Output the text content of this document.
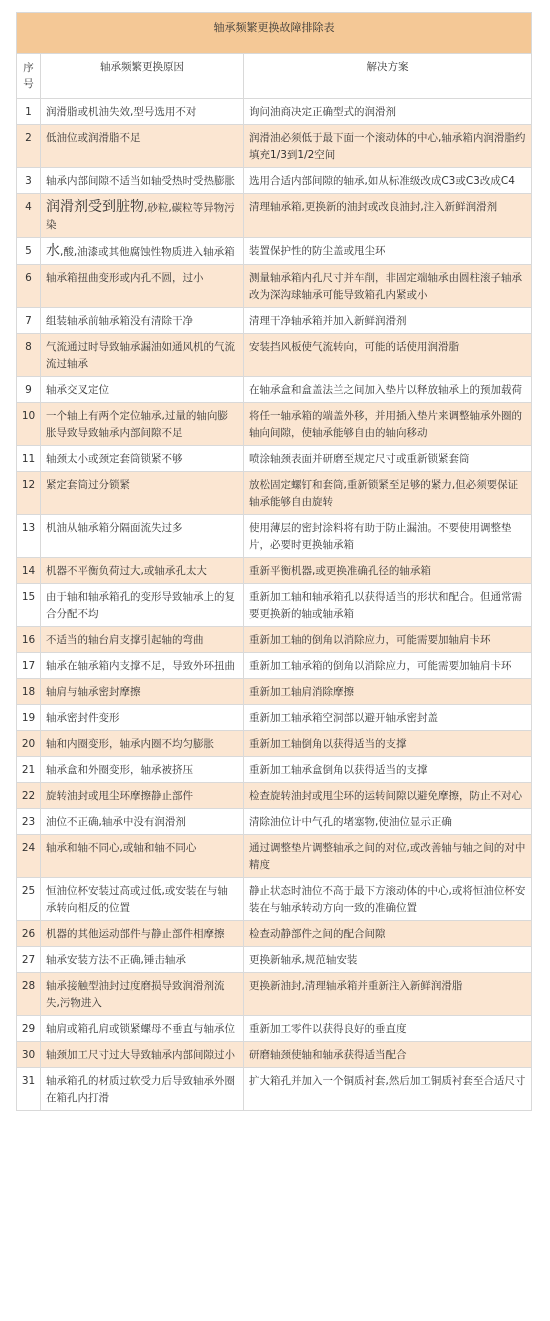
轴承频繁更换故障排除表		
序号	轴承频繁更换原因	解决方案
1	润滑脂或机油失效,型号选用不对	询问油商决定正确型式的润滑剂
2	低油位或润滑脂不足	润滑油必须低于最下面一个滚动体的中心,轴承箱内润滑脂约填充1/3到1/2空间
3	轴承内部间隙不适当如轴受热时受热膨胀	选用合适内部间隙的轴承,如从标准级改成C3或C3改成C4
4	润滑剂受到脏物,砂粒,碳粒等异物污染	清理轴承箱,更换新的油封或改良油封,注入新鲜润滑剂
5	水,酸,油漆或其他腐蚀性物质进入轴承箱	装置保护性的防尘盖或甩尘环
6	轴承箱扭曲变形或内孔不圆，过小	测量轴承箱内孔尺寸并车削，非固定端轴承由圆柱滚子轴承改为深沟球轴承可能导致箱孔内紧或小
7	组装轴承前轴承箱没有清除干净	清理干净轴承箱并加入新鲜润滑剂
8	气流通过时导致轴承漏油如通风机的气流流过轴承	安装挡风板使气流转向，可能的话使用润滑脂
9	轴承交叉定位	在轴承盒和盒盖法兰之间加入垫片以释放轴承上的预加载荷
10	一个轴上有两个定位轴承,过量的轴向膨胀导致导致轴承内部间隙不足	将任一轴承箱的端盖外移，并用插入垫片来调整轴承外圈的轴向间隙，使轴承能够自由的轴向移动
11	轴颈太小或颈定套筒锁紧不够	喷涂轴颈表面并研磨至规定尺寸或重新锁紧套筒
12	紧定套筒过分锁紧	放松固定螺钉和套筒,重新锁紧至足够的紧力,但必须要保证轴承能够自由旋转
13	机油从轴承箱分隔面流失过多	使用薄层的密封涂料将有助于防止漏油。不要使用调整垫片，必要时更换轴承箱
14	机器不平衡负荷过大,或轴承孔太大	重新平衡机器,或更换准确孔径的轴承箱
15	由于轴和轴承箱孔的变形导致轴承上的复合分配不均	重新加工轴和轴承箱孔以获得适当的形状和配合。但通常需要更换新的轴或轴承箱
16	不适当的轴台肩支撑引起轴的弯曲	重新加工轴的倒角以消除应力，可能需要加轴肩卡环
17	轴承在轴承箱内支撑不足，导致外环扭曲	重新加工轴承箱的倒角以消除应力，可能需要加轴肩卡环
18	轴肩与轴承密封摩擦	重新加工轴肩消除摩擦
19	轴承密封件变形	重新加工轴承箱空洞部以避开轴承密封盖
20	轴和内圈变形，轴承内圈不均匀膨胀	重新加工轴倒角以获得适当的支撑
21	轴承盒和外圈变形，轴承被挤压	重新加工轴承盒倒角以获得适当的支撑
22	旋转油封或甩尘环摩擦静止部件	检查旋转油封或甩尘环的运转间隙以避免摩擦，防止不对心
23	油位不正确,轴承中没有润滑剂	清除油位计中气孔的堵塞物,使油位显示正确
24	轴承和轴不同心,或轴和轴不同心	通过调整垫片调整轴承之间的对位,或改善轴与轴之间的对中精度
25	恒油位杯安装过高或过低,或安装在与轴承转向相反的位置	静止状态时油位不高于最下方滚动体的中心,或将恒油位杯安装在与轴承转动方向一致的准确位置
26	机器的其他运动部件与静止部件相摩擦	检查动静部件之间的配合间隙
27	轴承安装方法不正确,锤击轴承	更换新轴承,规范轴安装
28	轴承接触型油封过度磨损导致润滑剂流失,污物进入	更换新油封,清理轴承箱并重新注入新鲜润滑脂
29	轴肩或箱孔肩或锁紧螺母不垂直与轴承位	重新加工零件以获得良好的垂直度
30	轴颈加工尺寸过大导致轴承内部间隙过小	研磨轴颈使轴和轴承获得适当配合
31	轴承箱孔的材质过软受力后导致轴承外圈在箱孔内打滑	扩大箱孔并加入一个铜质衬套,然后加工铜质衬套至合适尺寸
